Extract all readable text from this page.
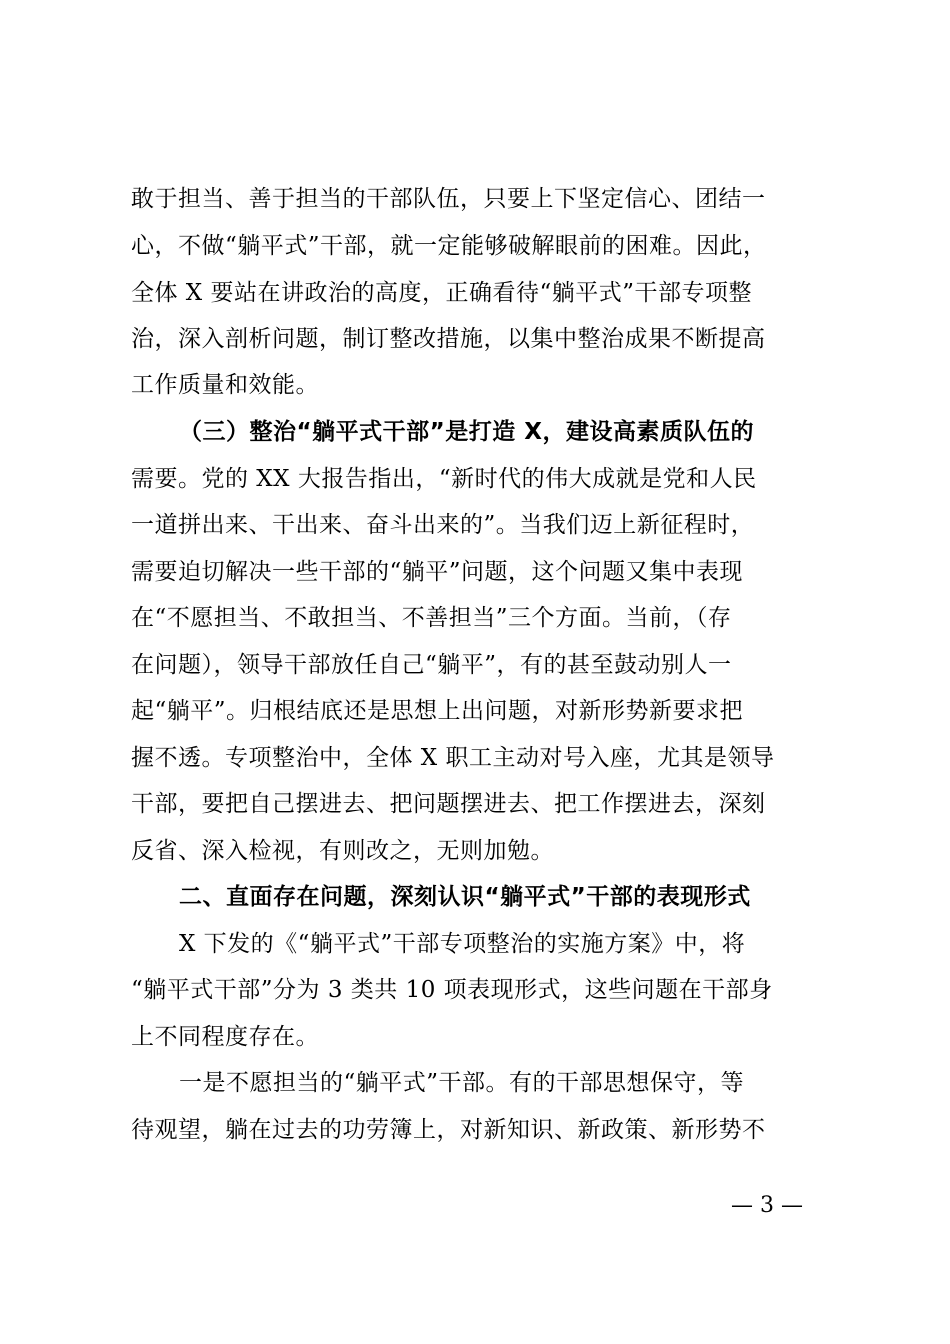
敢于担当、善于担当的干部队伍，只要上下坚定信心、团结一
心，不做“躺平式”干部，就一定能够破解眼前的困难。因此，
全体 X 要站在讲政治的高度，正确看待“躺平式”干部专项整
治，深入剖析问题，制订整改措施，以集中整治成果不断提高
工作质量和效能。
（三）整治“躺平式干部”是打造 X，建设高素质队伍的
需要。党的 XX 大报告指出，“新时代的伟大成就是党和人民
一道拼出来、干出来、奋斗出来的”。当我们迈上新征程时，
需要迫切解决一些干部的“躺平”问题，这个问题又集中表现
在“不愿担当、不敢担当、不善担当”三个方面。当前，（存
在问题），领导干部放任自己“躺平”，有的甚至鼓动别人一
起“躺平”。归根结底还是思想上出问题，对新形势新要求把
握不透。专项整治中，全体 X 职工主动对号入座，尤其是领导
干部，要把自己摆进去、把问题摆进去、把工作摆进去，深刻
反省、深入检视，有则改之，无则加勉。
二、直面存在问题，深刻认识“躺平式”干部的表现形式
X 下发的《“躺平式”干部专项整治的实施方案》中，将
“躺平式干部”分为 3 类共 10 项表现形式，这些问题在干部身
上不同程度存在。
一是不愿担当的“躺平式”干部。有的干部思想保守，等
待观望，躺在过去的功劳簿上，对新知识、新政策、新形势不
— 3 —
